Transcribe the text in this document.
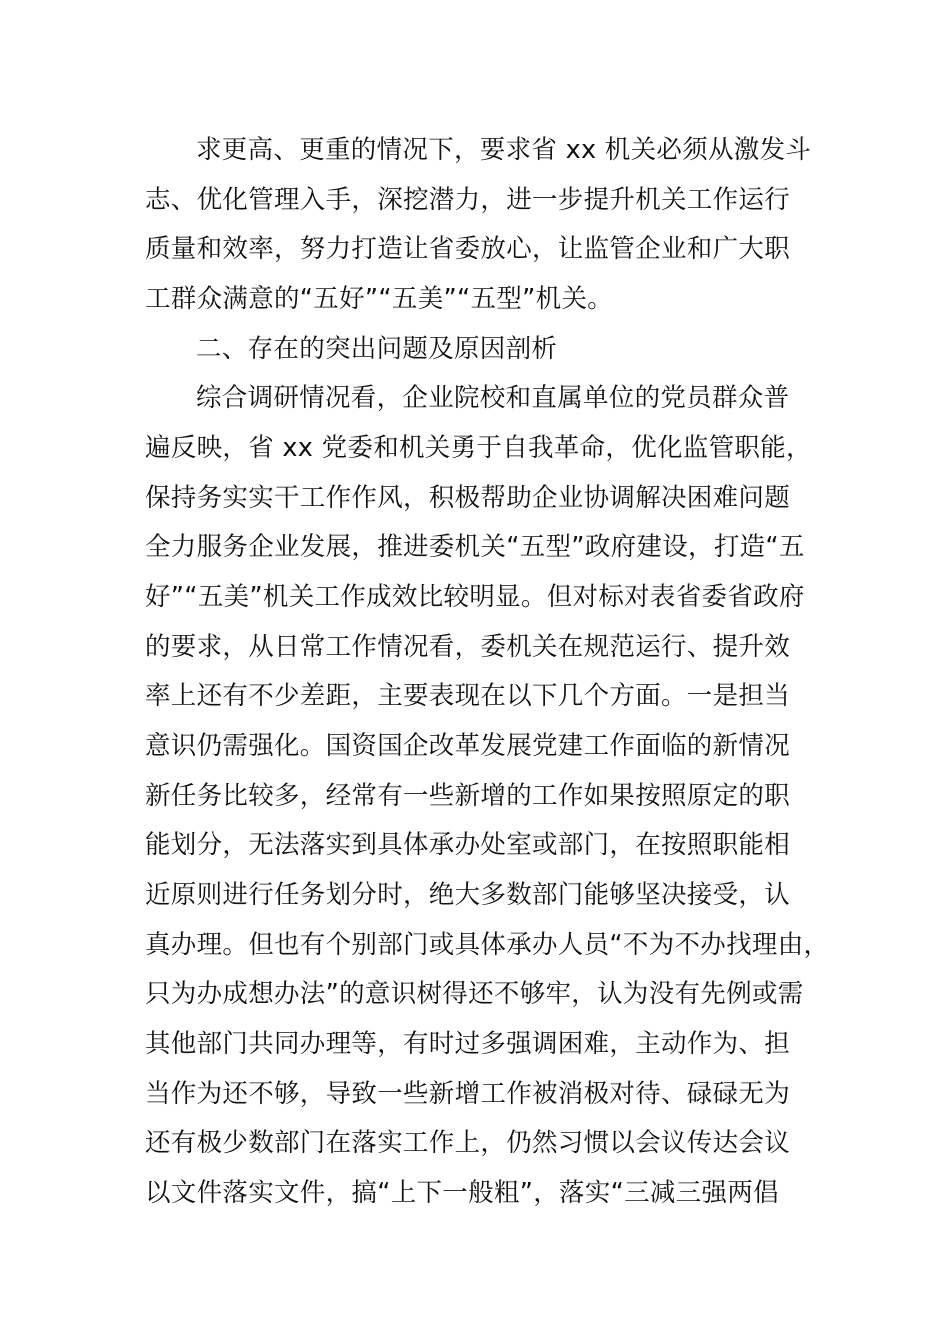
求更高、更重的情况下，要求省 xx 机关必须从激发斗
志、优化管理入手，深挖潜力，进一步提升机关工作运行
质量和效率，努力打造让省委放心，让监管企业和广大职
工群众满意的“五好”“五美”“五型”机关。
二、存在的突出问题及原因剖析
综合调研情况看，企业院校和直属单位的党员群众普
遍反映，省 xx 党委和机关勇于自我革命，优化监管职能，
保持务实实干工作作风，积极帮助企业协调解决困难问题
全力服务企业发展，推进委机关“五型”政府建设，打造“五
好”“五美”机关工作成效比较明显。但对标对表省委省政府
的要求，从日常工作情况看，委机关在规范运行、提升效
率上还有不少差距，主要表现在以下几个方面。一是担当
意识仍需强化。国资国企改革发展党建工作面临的新情况
新任务比较多，经常有一些新增的工作如果按照原定的职
能划分，无法落实到具体承办处室或部门，在按照职能相
近原则进行任务划分时，绝大多数部门能够坚决接受，认
真办理。但也有个别部门或具体承办人员“不为不办找理由，
只为办成想办法”的意识树得还不够牢，认为没有先例或需
其他部门共同办理等，有时过多强调困难，主动作为、担
当作为还不够，导致一些新增工作被消极对待、碌碌无为
还有极少数部门在落实工作上，仍然习惯以会议传达会议
以文件落实文件，搞“上下一般粗”，落实“三减三强两倡
